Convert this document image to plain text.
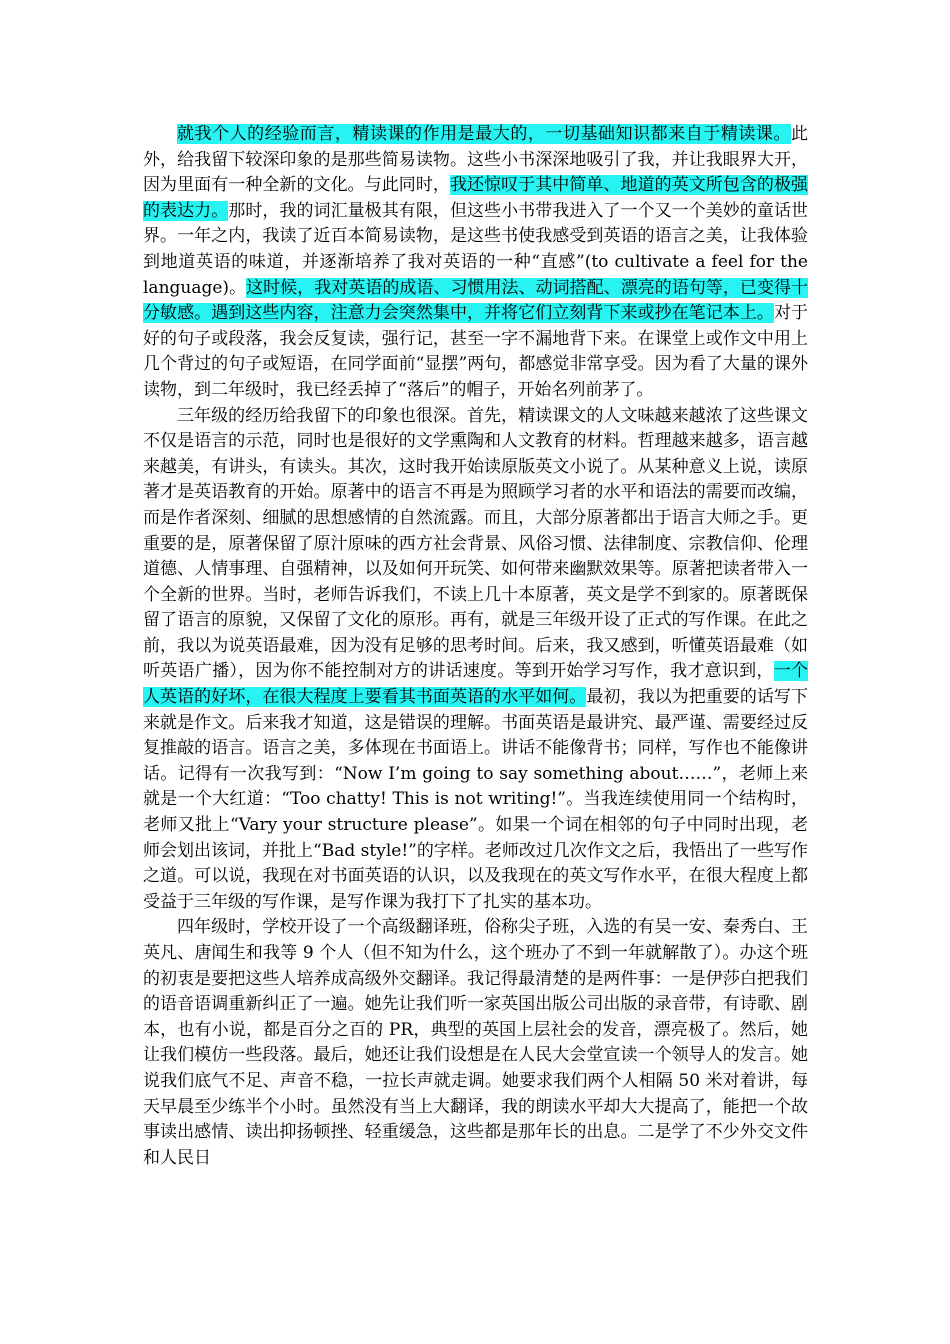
就我个人的经验而言，精读课的作用是最大的，一切基础知识都来自于精读课。此外，给我留下较深印象的是那些简易读物。这些小书深深地吸引了我，并让我眼界大开，因为里面有一种全新的文化。与此同时，我还惊叹于其中简单、地道的英文所包含的极强的表达力。那时，我的词汇量极其有限，但这些小书带我进入了一个又一个美妙的童话世界。一年之内，我读了近百本简易读物，是这些书使我感受到英语的语言之美，让我体验到地道英语的味道，并逐渐培养了我对英语的一种“直感”(to cultivate a feel for the language)。这时候，我对英语的成语、习惯用法、动词搭配、漂亮的语句等，已变得十分敏感。遇到这些内容，注意力会突然集中，并将它们立刻背下来或抄在笔记本上。对于好的句子或段落，我会反复读，强行记，甚至一字不漏地背下来。在课堂上或作文中用上几个背过的句子或短语，在同学面前“显摆”两句，都感觉非常享受。因为看了大量的课外读物，到二年级时，我已经丢掉了“落后”的帽子，开始名列前茅了。

三年级的经历给我留下的印象也很深。首先，精读课文的人文味越来越浓了这些课文不仅是语言的示范，同时也是很好的文学熏陶和人文教育的材料。哲理越来越多，语言越来越美，有讲头，有读头。其次，这时我开始读原版英文小说了。从某种意义上说，读原著才是英语教育的开始。原著中的语言不再是为照顾学习者的水平和语法的需要而改编，而是作者深刻、细腻的思想感情的自然流露。而且，大部分原著都出于语言大师之手。更重要的是，原著保留了原汁原味的西方社会背景、风俗习惯、法律制度、宗教信仰、伦理道德、人情事理、自强精神，以及如何开玩笑、如何带来幽默效果等。原著把读者带入一个全新的世界。当时，老师告诉我们，不读上几十本原著，英文是学不到家的。原著既保留了语言的原貌，又保留了文化的原形。再有，就是三年级开设了正式的写作课。在此之前，我以为说英语最难，因为没有足够的思考时间。后来，我又感到，听懂英语最难（如听英语广播），因为你不能控制对方的讲话速度。等到开始学习写作，我才意识到，一个人英语的好坏，在很大程度上要看其书面英语的水平如何。最初，我以为把重要的话写下来就是作文。后来我才知道，这是错误的理解。书面英语是最讲究、最严谨、需要经过反复推敲的语言。语言之美，多体现在书面语上。讲话不能像背书；同样，写作也不能像讲话。记得有一次我写到：“Now I’m going to say something about……”，老师上来就是一个大红道：“Too chatty! This is not writing!”。当我连续使用同一个结构时，老师又批上“Vary your structure please”。如果一个词在相邻的句子中同时出现，老师会划出该词，并批上“Bad style!”的字样。老师改过几次作文之后，我悟出了一些写作之道。可以说，我现在对书面英语的认识，以及我现在的英文写作水平，在很大程度上都受益于三年级的写作课，是写作课为我打下了扎实的基本功。

四年级时，学校开设了一个高级翻译班，俗称尖子班，入选的有吴一安、秦秀白、王英凡、唐闻生和我等 9 个人（但不知为什么，这个班办了不到一年就解散了）。办这个班的初衷是要把这些人培养成高级外交翻译。我记得最清楚的是两件事：一是伊莎白把我们的语音语调重新纠正了一遍。她先让我们听一家英国出版公司出版的录音带，有诗歌、剧本，也有小说，都是百分之百的 PR，典型的英国上层社会的发音，漂亮极了。然后，她让我们模仿一些段落。最后，她还让我们设想是在人民大会堂宣读一个领导人的发言。她说我们底气不足、声音不稳，一拉长声就走调。她要求我们两个人相隔 50 米对着讲，每天早晨至少练半个小时。虽然没有当上大翻译，我的朗读水平却大大提高了，能把一个故事读出感情、读出抑扬顿挫、轻重缓急，这些都是那年长的出息。二是学了不少外交文件和人民日
